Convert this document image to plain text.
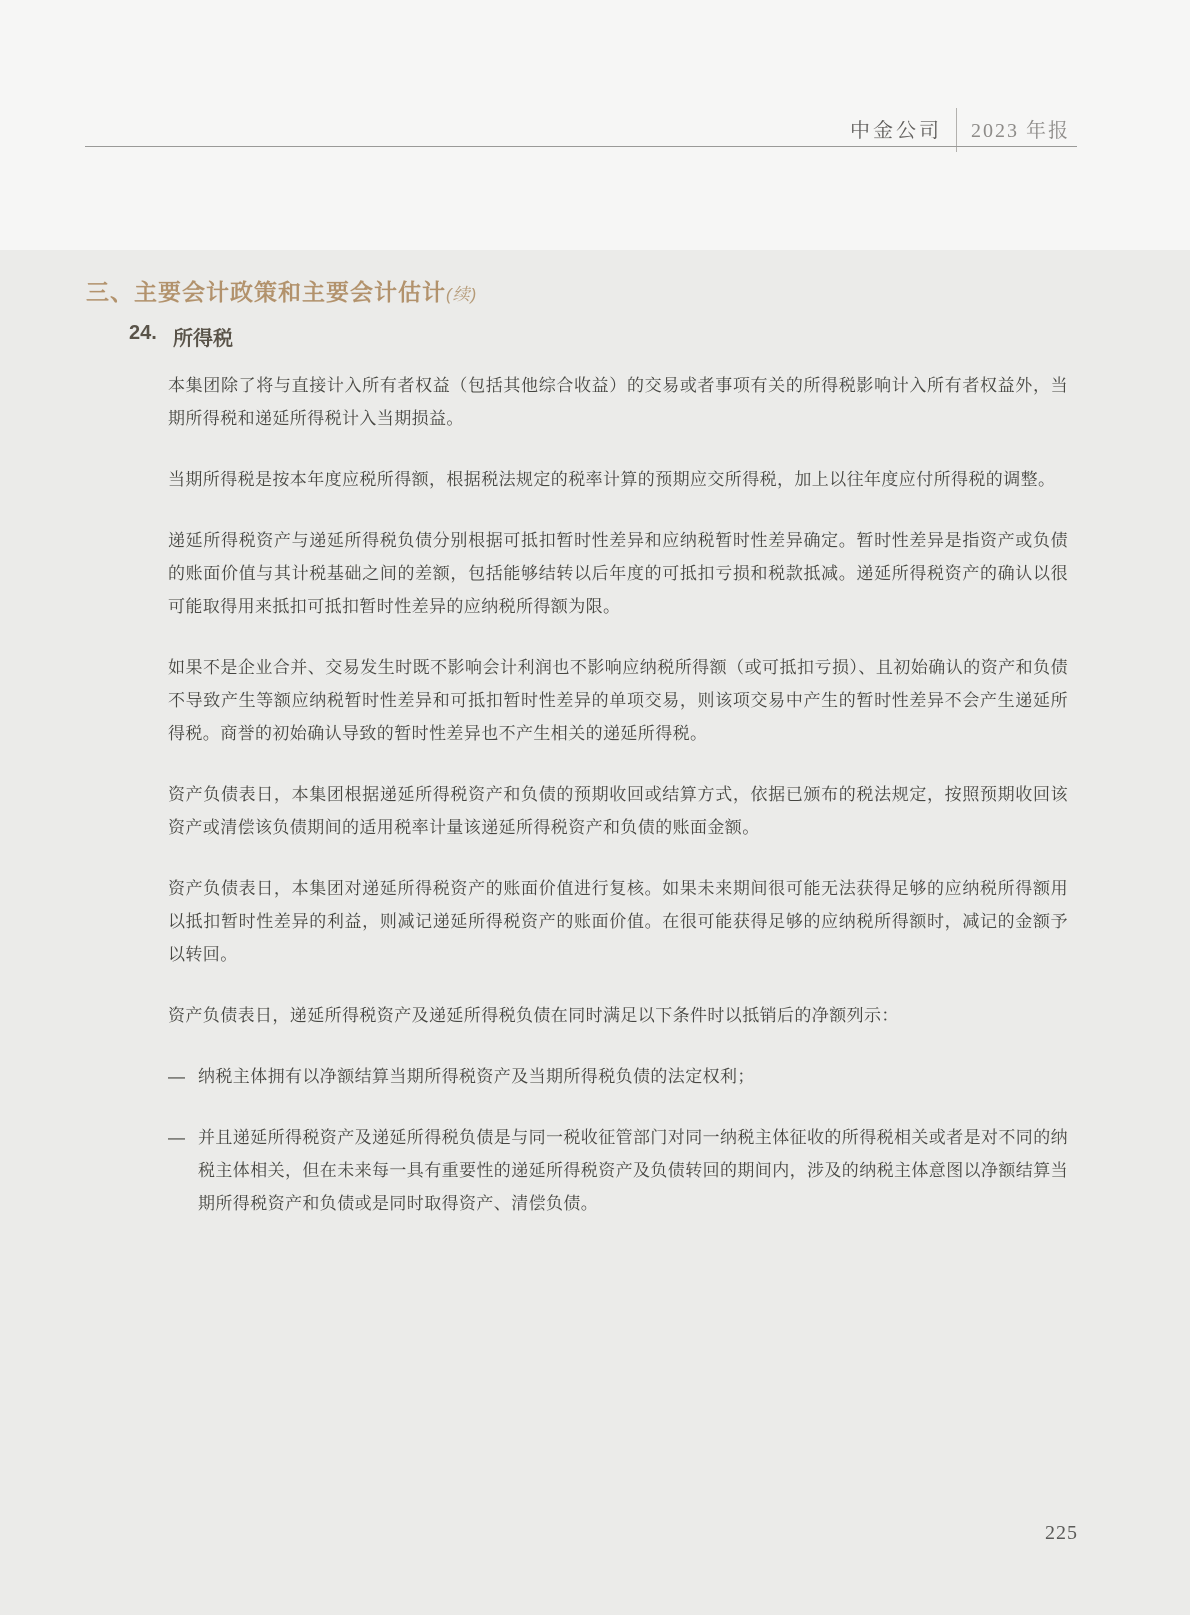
中金公司 2023 年报
三、主要会计政策和主要会计估计(续)
24. 所得税

本集团除了将与直接计入所有者权益（包括其他综合收益）的交易或者事项有关的所得税影响计入所有者权益外，当期所得税和递延所得税计入当期损益。

当期所得税是按本年度应税所得额，根据税法规定的税率计算的预期应交所得税，加上以往年度应付所得税的调整。

递延所得税资产与递延所得税负债分别根据可抵扣暂时性差异和应纳税暂时性差异确定。暂时性差异是指资产或负债的账面价值与其计税基础之间的差额，包括能够结转以后年度的可抵扣亏损和税款抵减。递延所得税资产的确认以很可能取得用来抵扣可抵扣暂时性差异的应纳税所得额为限。

如果不是企业合并、交易发生时既不影响会计利润也不影响应纳税所得额（或可抵扣亏损）、且初始确认的资产和负债不导致产生等额应纳税暂时性差异和可抵扣暂时性差异的单项交易，则该项交易中产生的暂时性差异不会产生递延所得税。商誉的初始确认导致的暂时性差异也不产生相关的递延所得税。

资产负债表日，本集团根据递延所得税资产和负债的预期收回或结算方式，依据已颁布的税法规定，按照预期收回该资产或清偿该负债期间的适用税率计量该递延所得税资产和负债的账面金额。

资产负债表日，本集团对递延所得税资产的账面价值进行复核。如果未来期间很可能无法获得足够的应纳税所得额用以抵扣暂时性差异的利益，则减记递延所得税资产的账面价值。在很可能获得足够的应纳税所得额时，减记的金额予以转回。

资产负债表日，递延所得税资产及递延所得税负债在同时满足以下条件时以抵销后的净额列示：

— 纳税主体拥有以净额结算当期所得税资产及当期所得税负债的法定权利；
— 并且递延所得税资产及递延所得税负债是与同一税收征管部门对同一纳税主体征收的所得税相关或者是对不同的纳税主体相关，但在未来每一具有重要性的递延所得税资产及负债转回的期间内，涉及的纳税主体意图以净额结算当期所得税资产和负债或是同时取得资产、清偿负债。
225
